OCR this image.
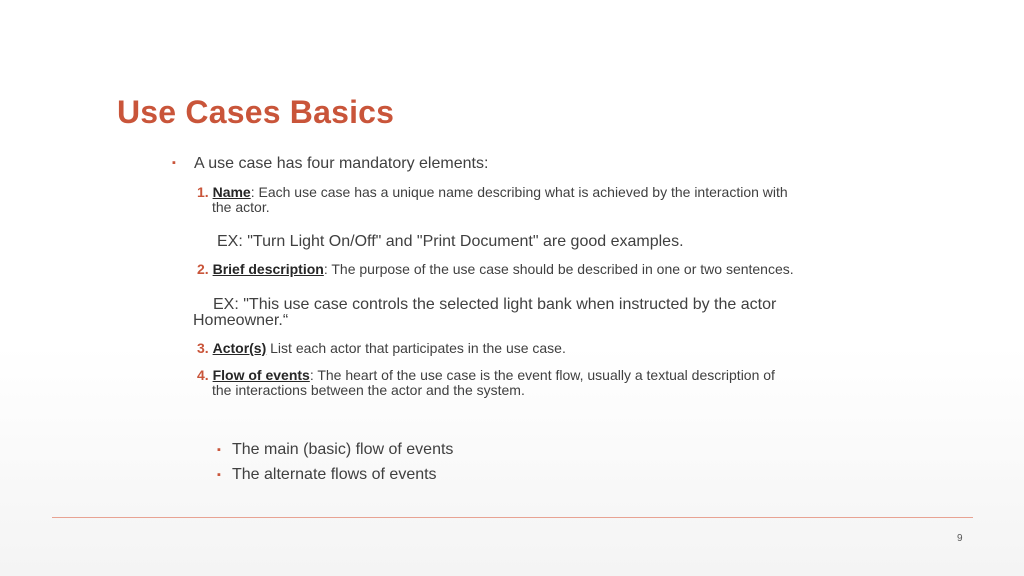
Use Cases Basics
▪ A use case has four mandatory elements:
1. Name: Each use case has a unique name describing what is achieved by the interaction with
the actor.
EX: "Turn Light On/Off" and "Print Document" are good examples.
2. Brief description: The purpose of the use case should be described in one or two sentences.
EX: "This use case controls the selected light bank when instructed by the actor
Homeowner.“
3. Actor(s) List each actor that participates in the use case.
4. Flow of events: The heart of the use case is the event flow, usually a textual description of
the interactions between the actor and the system.
▪ The main (basic) flow of events
▪ The alternate flows of events
9
